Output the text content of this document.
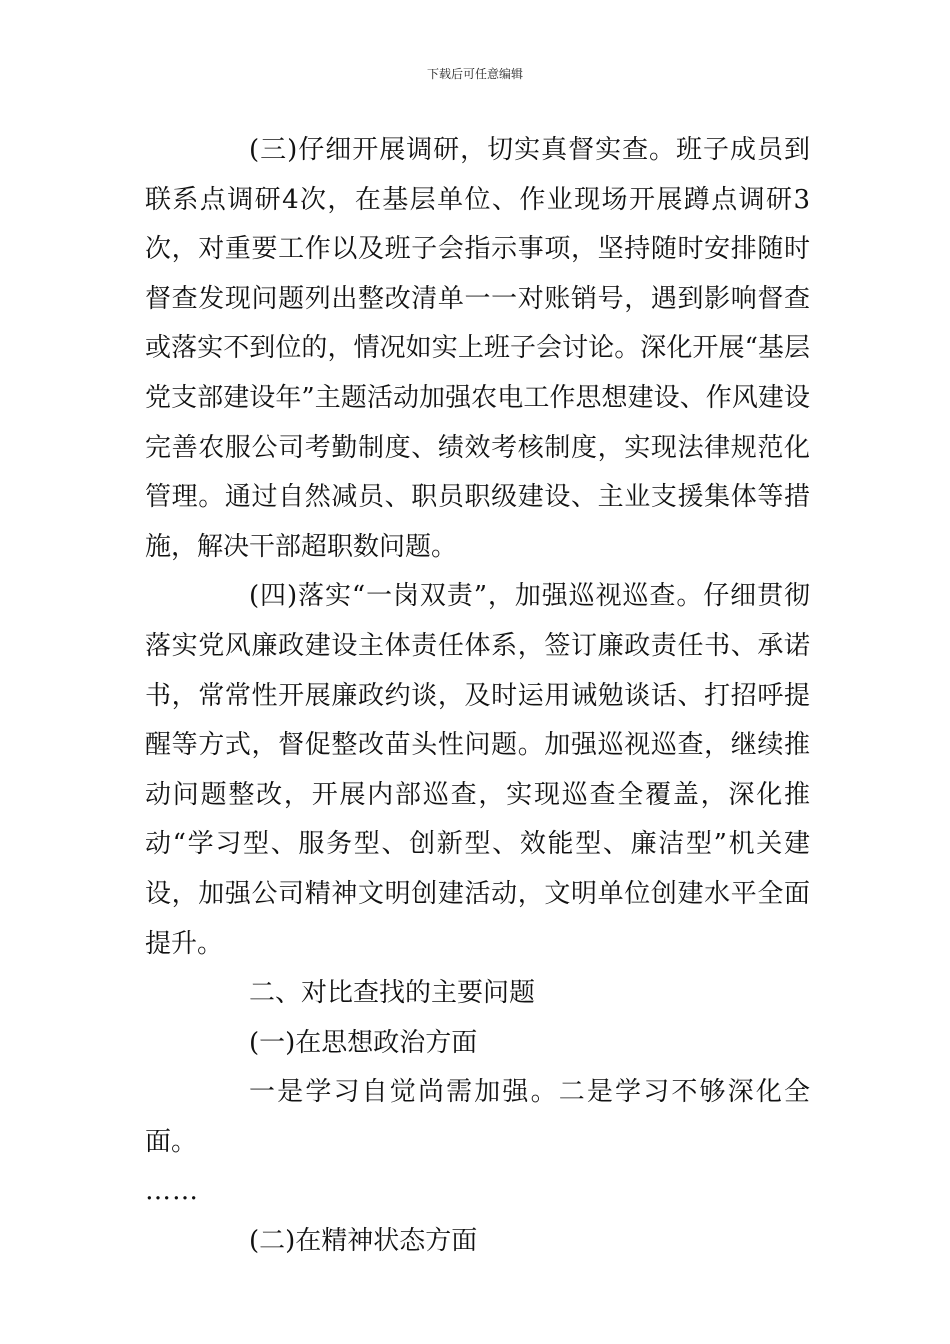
下载后可任意编辑

(三)仔细开展调研，切实真督实查。班子成员到联系点调研4次，在基层单位、作业现场开展蹲点调研3次，对重要工作以及班子会指示事项，坚持随时安排随时督查发现问题列出整改清单一一对账销号，遇到影响督查或落实不到位的，情况如实上班子会讨论。深化开展“基层党支部建设年”主题活动加强农电工作思想建设、作风建设完善农服公司考勤制度、绩效考核制度，实现法律规范化管理。通过自然减员、职员职级建设、主业支援集体等措施，解决干部超职数问题。

(四)落实“一岗双责”，加强巡视巡查。仔细贯彻落实党风廉政建设主体责任体系，签订廉政责任书、承诺书，常常性开展廉政约谈，及时运用诫勉谈话、打招呼提醒等方式，督促整改苗头性问题。加强巡视巡查，继续推动问题整改，开展内部巡查，实现巡查全覆盖，深化推动“学习型、服务型、创新型、效能型、廉洁型”机关建设，加强公司精神文明创建活动，文明单位创建水平全面提升。

二、对比查找的主要问题

(一)在思想政治方面

一是学习自觉尚需加强。二是学习不够深化全面。

……

(二)在精神状态方面
